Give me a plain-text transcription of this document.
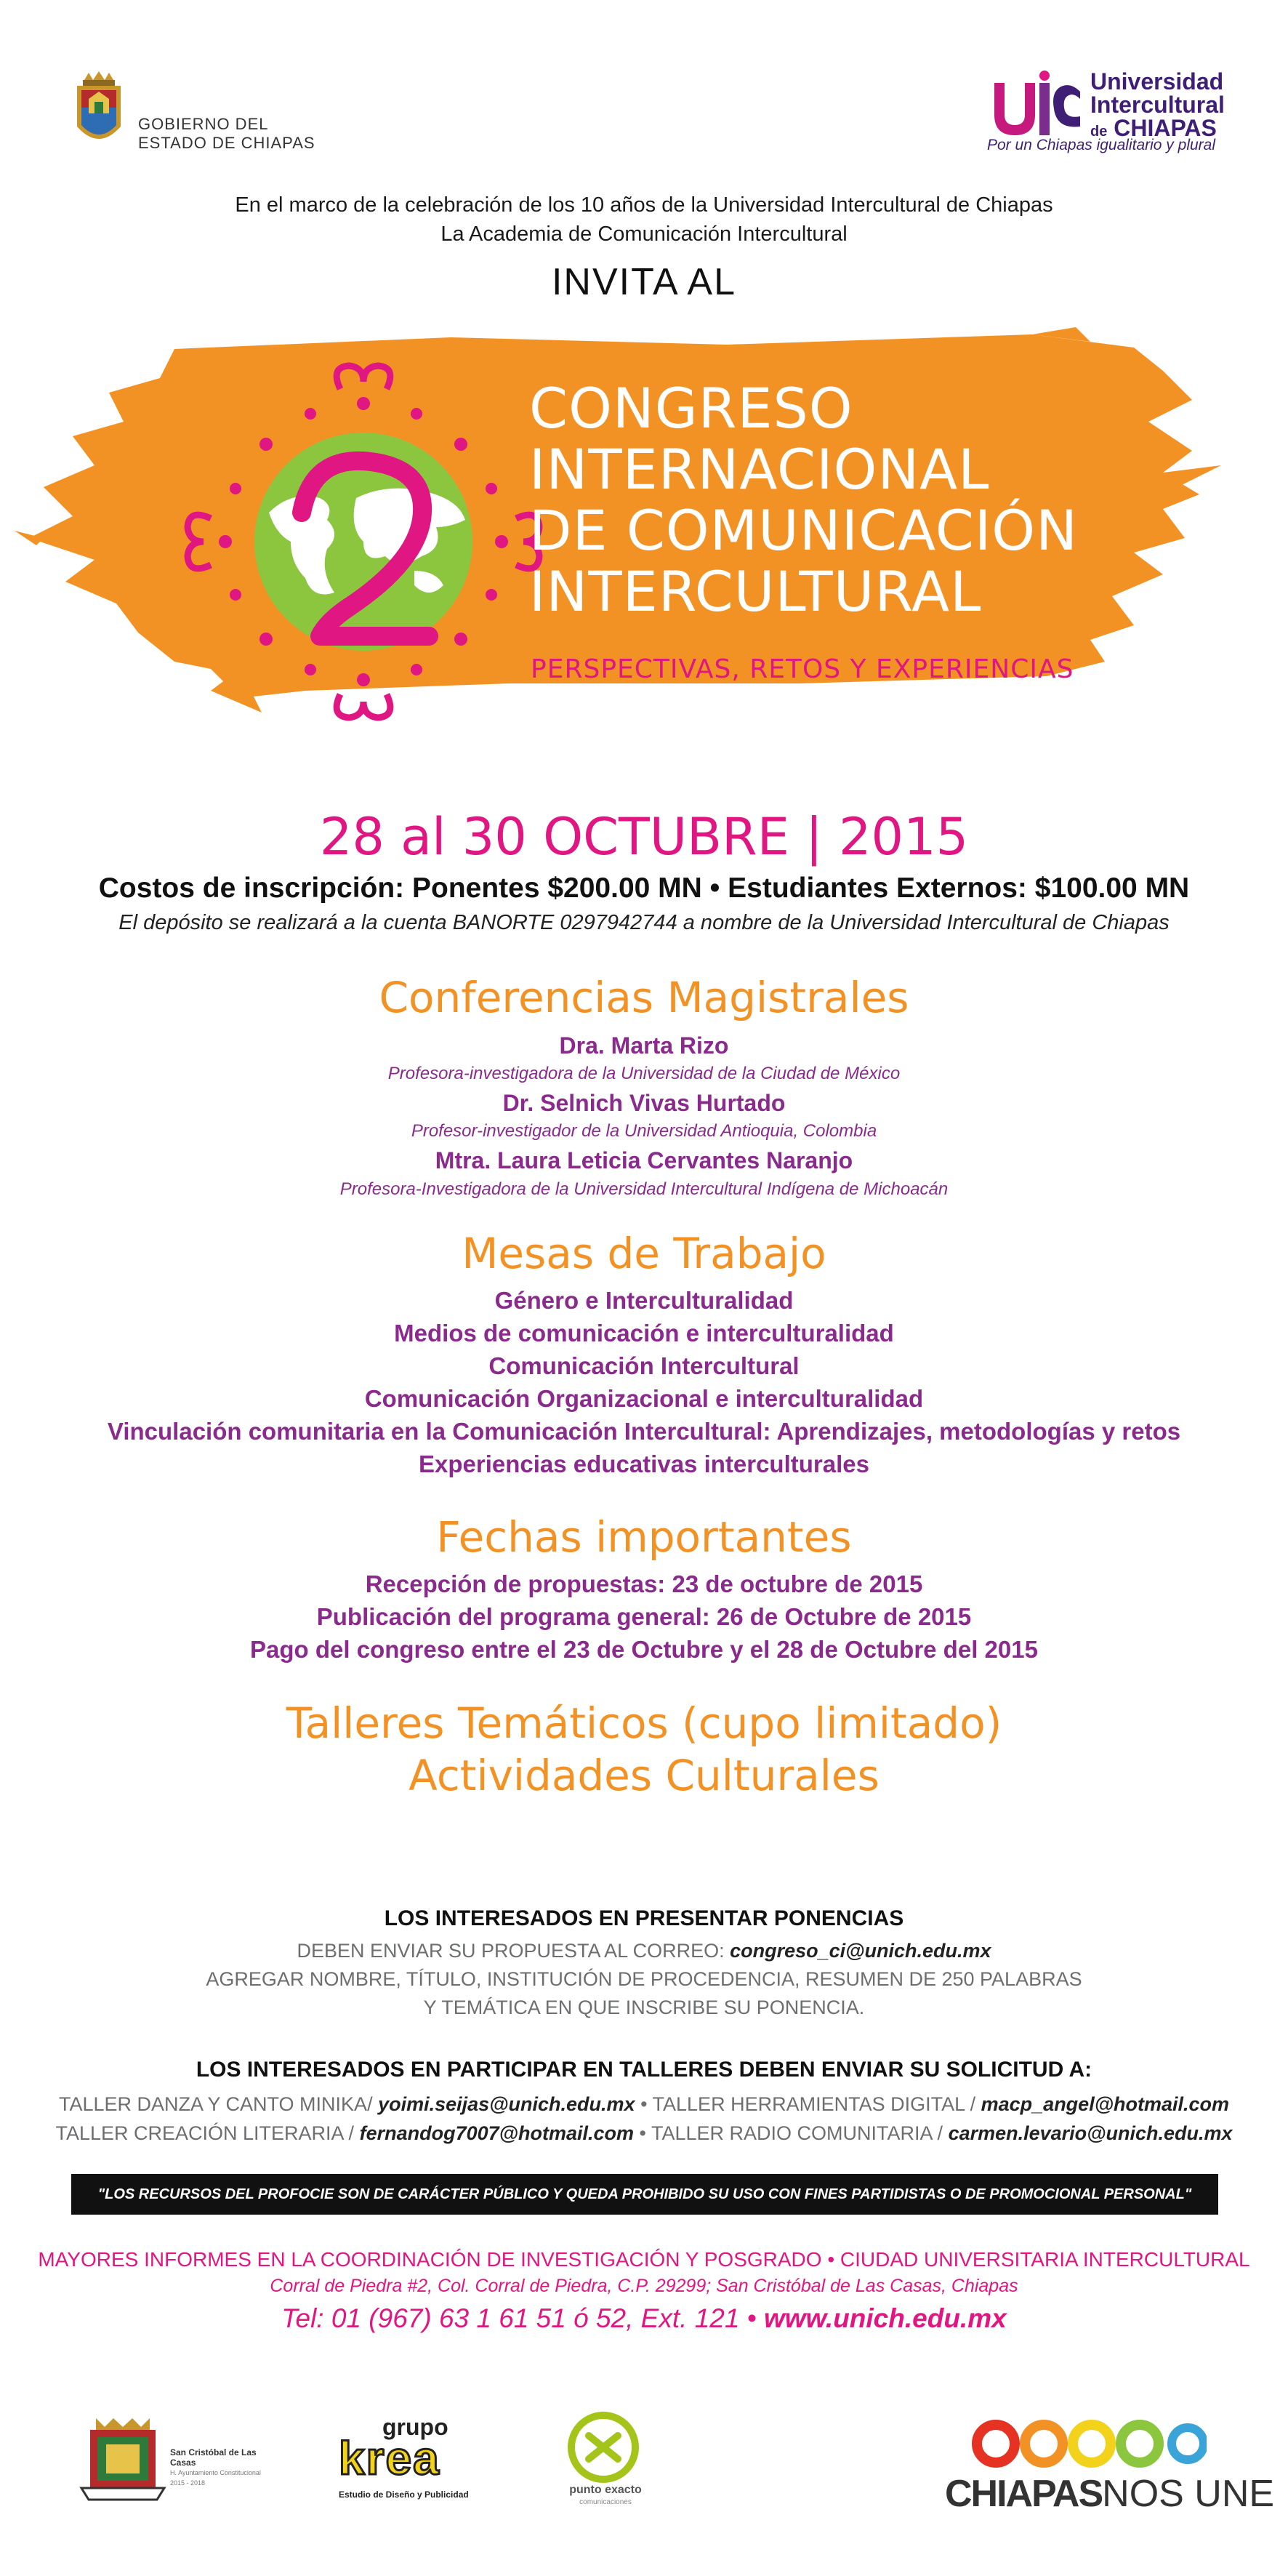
GOBIERNO DEL
ESTADO DE CHIAPAS
Universidad
Intercultural
de CHIAPAS
Por un Chiapas igualitario y plural
En el marco de la celebración de los 10 años de la Universidad Intercultural de Chiapas
La Academia de Comunicación Intercultural
INVITA AL
2
CONGRESO
INTERNACIONAL
DE COMUNICACIÓN
INTERCULTURAL
PERSPECTIVAS, RETOS Y EXPERIENCIAS
28 al 30 OCTUBRE | 2015
Costos de inscripción: Ponentes $200.00 MN • Estudiantes Externos: $100.00 MN
El depósito se realizará a la cuenta BANORTE 0297942744 a nombre de la Universidad Intercultural de Chiapas
Conferencias Magistrales
Dra. Marta Rizo
Profesora-investigadora de la Universidad de la Ciudad de México
Dr. Selnich Vivas Hurtado
Profesor-investigador de la Universidad Antioquia, Colombia
Mtra. Laura Leticia Cervantes Naranjo
Profesora-Investigadora de la Universidad Intercultural Indígena de Michoacán
Mesas de Trabajo
Género e Interculturalidad
Medios de comunicación e interculturalidad
Comunicación Intercultural
Comunicación Organizacional e interculturalidad
Vinculación comunitaria en la Comunicación Intercultural: Aprendizajes, metodologías y retos
Experiencias educativas interculturales
Fechas importantes
Recepción de propuestas: 23 de octubre de 2015
Publicación del programa general: 26 de Octubre de 2015
Pago del congreso entre el 23 de Octubre y el 28 de Octubre del 2015
Talleres Temáticos (cupo limitado)
Actividades Culturales
LOS INTERESADOS EN PRESENTAR PONENCIAS
DEBEN ENVIAR SU PROPUESTA AL CORREO: congreso_ci@unich.edu.mx
AGREGAR NOMBRE, TÍTULO, INSTITUCIÓN DE PROCEDENCIA, RESUMEN DE 250 PALABRAS
Y TEMÁTICA EN QUE INSCRIBE SU PONENCIA.
LOS INTERESADOS EN PARTICIPAR EN TALLERES DEBEN ENVIAR SU SOLICITUD A:
TALLER DANZA Y CANTO MINIKA/ yoimi.seijas@unich.edu.mx • TALLER HERRAMIENTAS DIGITAL / macp_angel@hotmail.com
TALLER CREACIÓN LITERARIA / fernandog7007@hotmail.com • TALLER RADIO COMUNITARIA / carmen.levario@unich.edu.mx
"LOS RECURSOS DEL PROFOCIE SON DE CARÁCTER PÚBLICO Y QUEDA PROHIBIDO SU USO CON FINES PARTIDISTAS O DE PROMOCIONAL PERSONAL"
MAYORES INFORMES EN LA COORDINACIÓN DE INVESTIGACIÓN Y POSGRADO • CIUDAD UNIVERSITARIA INTERCULTURAL
Corral de Piedra #2, Col. Corral de Piedra, C.P. 29299; San Cristóbal de Las Casas, Chiapas
Tel: 01 (967) 63 1 61 51 ó 52, Ext. 121 • www.unich.edu.mx
San Cristóbal de Las Casas
H. Ayuntamiento Constitucional
2015 - 2018
grupo
krea
Estudio de Diseño y Publicidad	punto exacto
comunicaciones	CHIAPASNOS UNE
